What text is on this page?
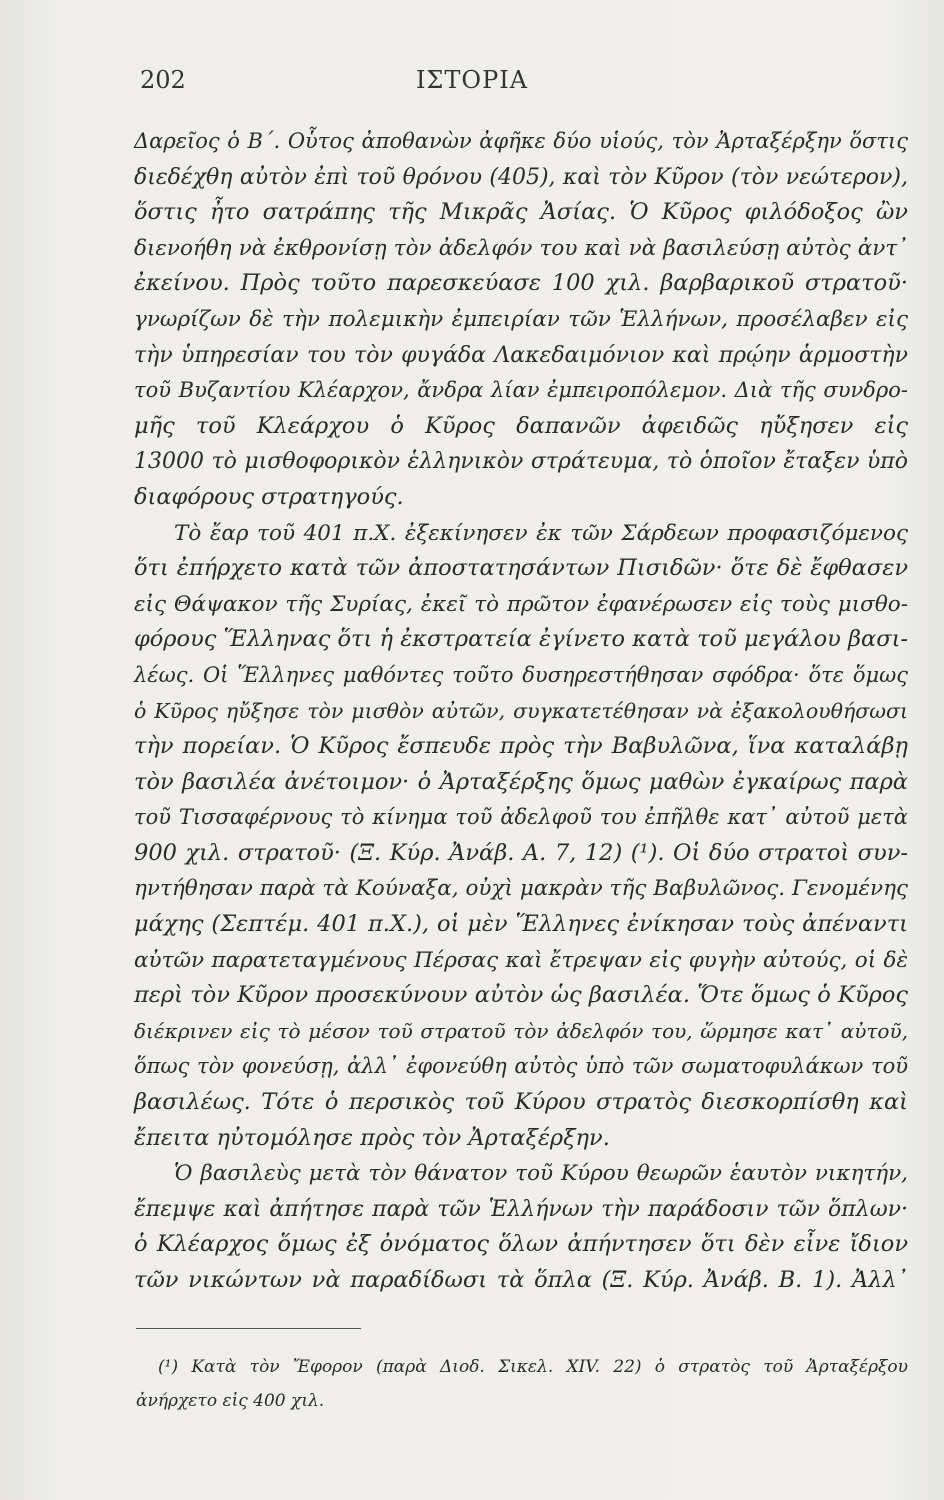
202	ΙΣΤΟΡΙΑ
Δαρεῖος ὁ Β΄. Οὗτος ἀποθανὼν ἀφῆκε δύο υἱούς, τὸν Ἀρταξέρξην ὅστις
διεδέχθη αὐτὸν ἐπὶ τοῦ θρόνου (405), καὶ τὸν Κῦρον (τὸν νεώτερον),
ὅστις ἦτο σατράπης τῆς Μικρᾶς Ἀσίας. Ὁ Κῦρος φιλόδοξος ὢν
διενοήθη νὰ ἐκθρονίσῃ τὸν ἀδελφόν του καὶ νὰ βασιλεύσῃ αὐτὸς ἀντ᾽
ἐκείνου. Πρὸς τοῦτο παρεσκεύασε 100 χιλ. βαρβαρικοῦ στρατοῦ·
γνωρίζων δὲ τὴν πολεμικὴν ἐμπειρίαν τῶν Ἑλλήνων, προσέλαβεν εἰς
τὴν ὑπηρεσίαν του τὸν φυγάδα Λακεδαιμόνιον καὶ πρῴην ἁρμοστὴν
τοῦ Βυζαντίου Κλέαρχον, ἄνδρα λίαν ἐμπειροπόλεμον. Διὰ τῆς συνδρο-
μῆς τοῦ Κλεάρχου ὁ Κῦρος δαπανῶν ἀφειδῶς ηὔξησεν εἰς
13000 τὸ μισθοφορικὸν ἑλληνικὸν στράτευμα, τὸ ὁποῖον ἔταξεν ὑπὸ
διαφόρους στρατηγούς.
Τὸ ἔαρ τοῦ 401 π.Χ. ἐξεκίνησεν ἐκ τῶν Σάρδεων προφασιζόμενος
ὅτι ἐπήρχετο κατὰ τῶν ἀποστατησάντων Πισιδῶν· ὅτε δὲ ἔφθασεν
εἰς Θάψακον τῆς Συρίας, ἐκεῖ τὸ πρῶτον ἐφανέρωσεν εἰς τοὺς μισθο-
φόρους Ἕλληνας ὅτι ἡ ἐκστρατεία ἐγίνετο κατὰ τοῦ μεγάλου βασι-
λέως. Οἱ Ἕλληνες μαθόντες τοῦτο δυσηρεστήθησαν σφόδρα· ὅτε ὅμως
ὁ Κῦρος ηὔξησε τὸν μισθὸν αὐτῶν, συγκατετέθησαν νὰ ἐξακολουθήσωσι
τὴν πορείαν. Ὁ Κῦρος ἔσπευδε πρὸς τὴν Βαβυλῶνα, ἵνα καταλάβῃ
τὸν βασιλέα ἀνέτοιμον· ὁ Ἀρταξέρξης ὅμως μαθὼν ἐγκαίρως παρὰ
τοῦ Τισσαφέρνους τὸ κίνημα τοῦ ἀδελφοῦ του ἐπῆλθε κατ᾽ αὐτοῦ μετὰ
900 χιλ. στρατοῦ· (Ξ. Κύρ. Ἀνάβ. Α. 7, 12) (¹). Οἱ δύο στρατοὶ συν-
ηντήθησαν παρὰ τὰ Κούναξα, οὐχὶ μακρὰν τῆς Βαβυλῶνος. Γενομένης
μάχης (Σεπτέμ. 401 π.Χ.), οἱ μὲν Ἕλληνες ἐνίκησαν τοὺς ἀπέναντι
αὐτῶν παρατεταγμένους Πέρσας καὶ ἔτρεψαν εἰς φυγὴν αὐτούς, οἱ δὲ
περὶ τὸν Κῦρον προσεκύνουν αὐτὸν ὡς βασιλέα. Ὅτε ὅμως ὁ Κῦρος
διέκρινεν εἰς τὸ μέσον τοῦ στρατοῦ τὸν ἀδελφόν του, ὥρμησε κατ᾽ αὐτοῦ,
ὅπως τὸν φονεύσῃ, ἀλλ᾽ ἐφονεύθη αὐτὸς ὑπὸ τῶν σωματοφυλάκων τοῦ
βασιλέως. Τότε ὁ περσικὸς τοῦ Κύρου στρατὸς διεσκορπίσθη καὶ
ἔπειτα ηὐτομόλησε πρὸς τὸν Ἀρταξέρξην.
Ὁ βασιλεὺς μετὰ τὸν θάνατον τοῦ Κύρου θεωρῶν ἑαυτὸν νικητήν,
ἔπεμψε καὶ ἀπήτησε παρὰ τῶν Ἑλλήνων τὴν παράδοσιν τῶν ὅπλων·
ὁ Κλέαρχος ὅμως ἐξ ὀνόματος ὅλων ἀπήντησεν ὅτι δὲν εἶνε ἴδιον
τῶν νικώντων νὰ παραδίδωσι τὰ ὅπλα (Ξ. Κύρ. Ἀνάβ. Β. 1). Ἀλλ᾽
(¹) Κατὰ τὸν Ἔφορον (παρὰ Διοδ. Σικελ. XIV. 22) ὁ στρατὸς τοῦ Ἀρταξέρξου
ἀνήρχετο εἰς 400 χιλ.
